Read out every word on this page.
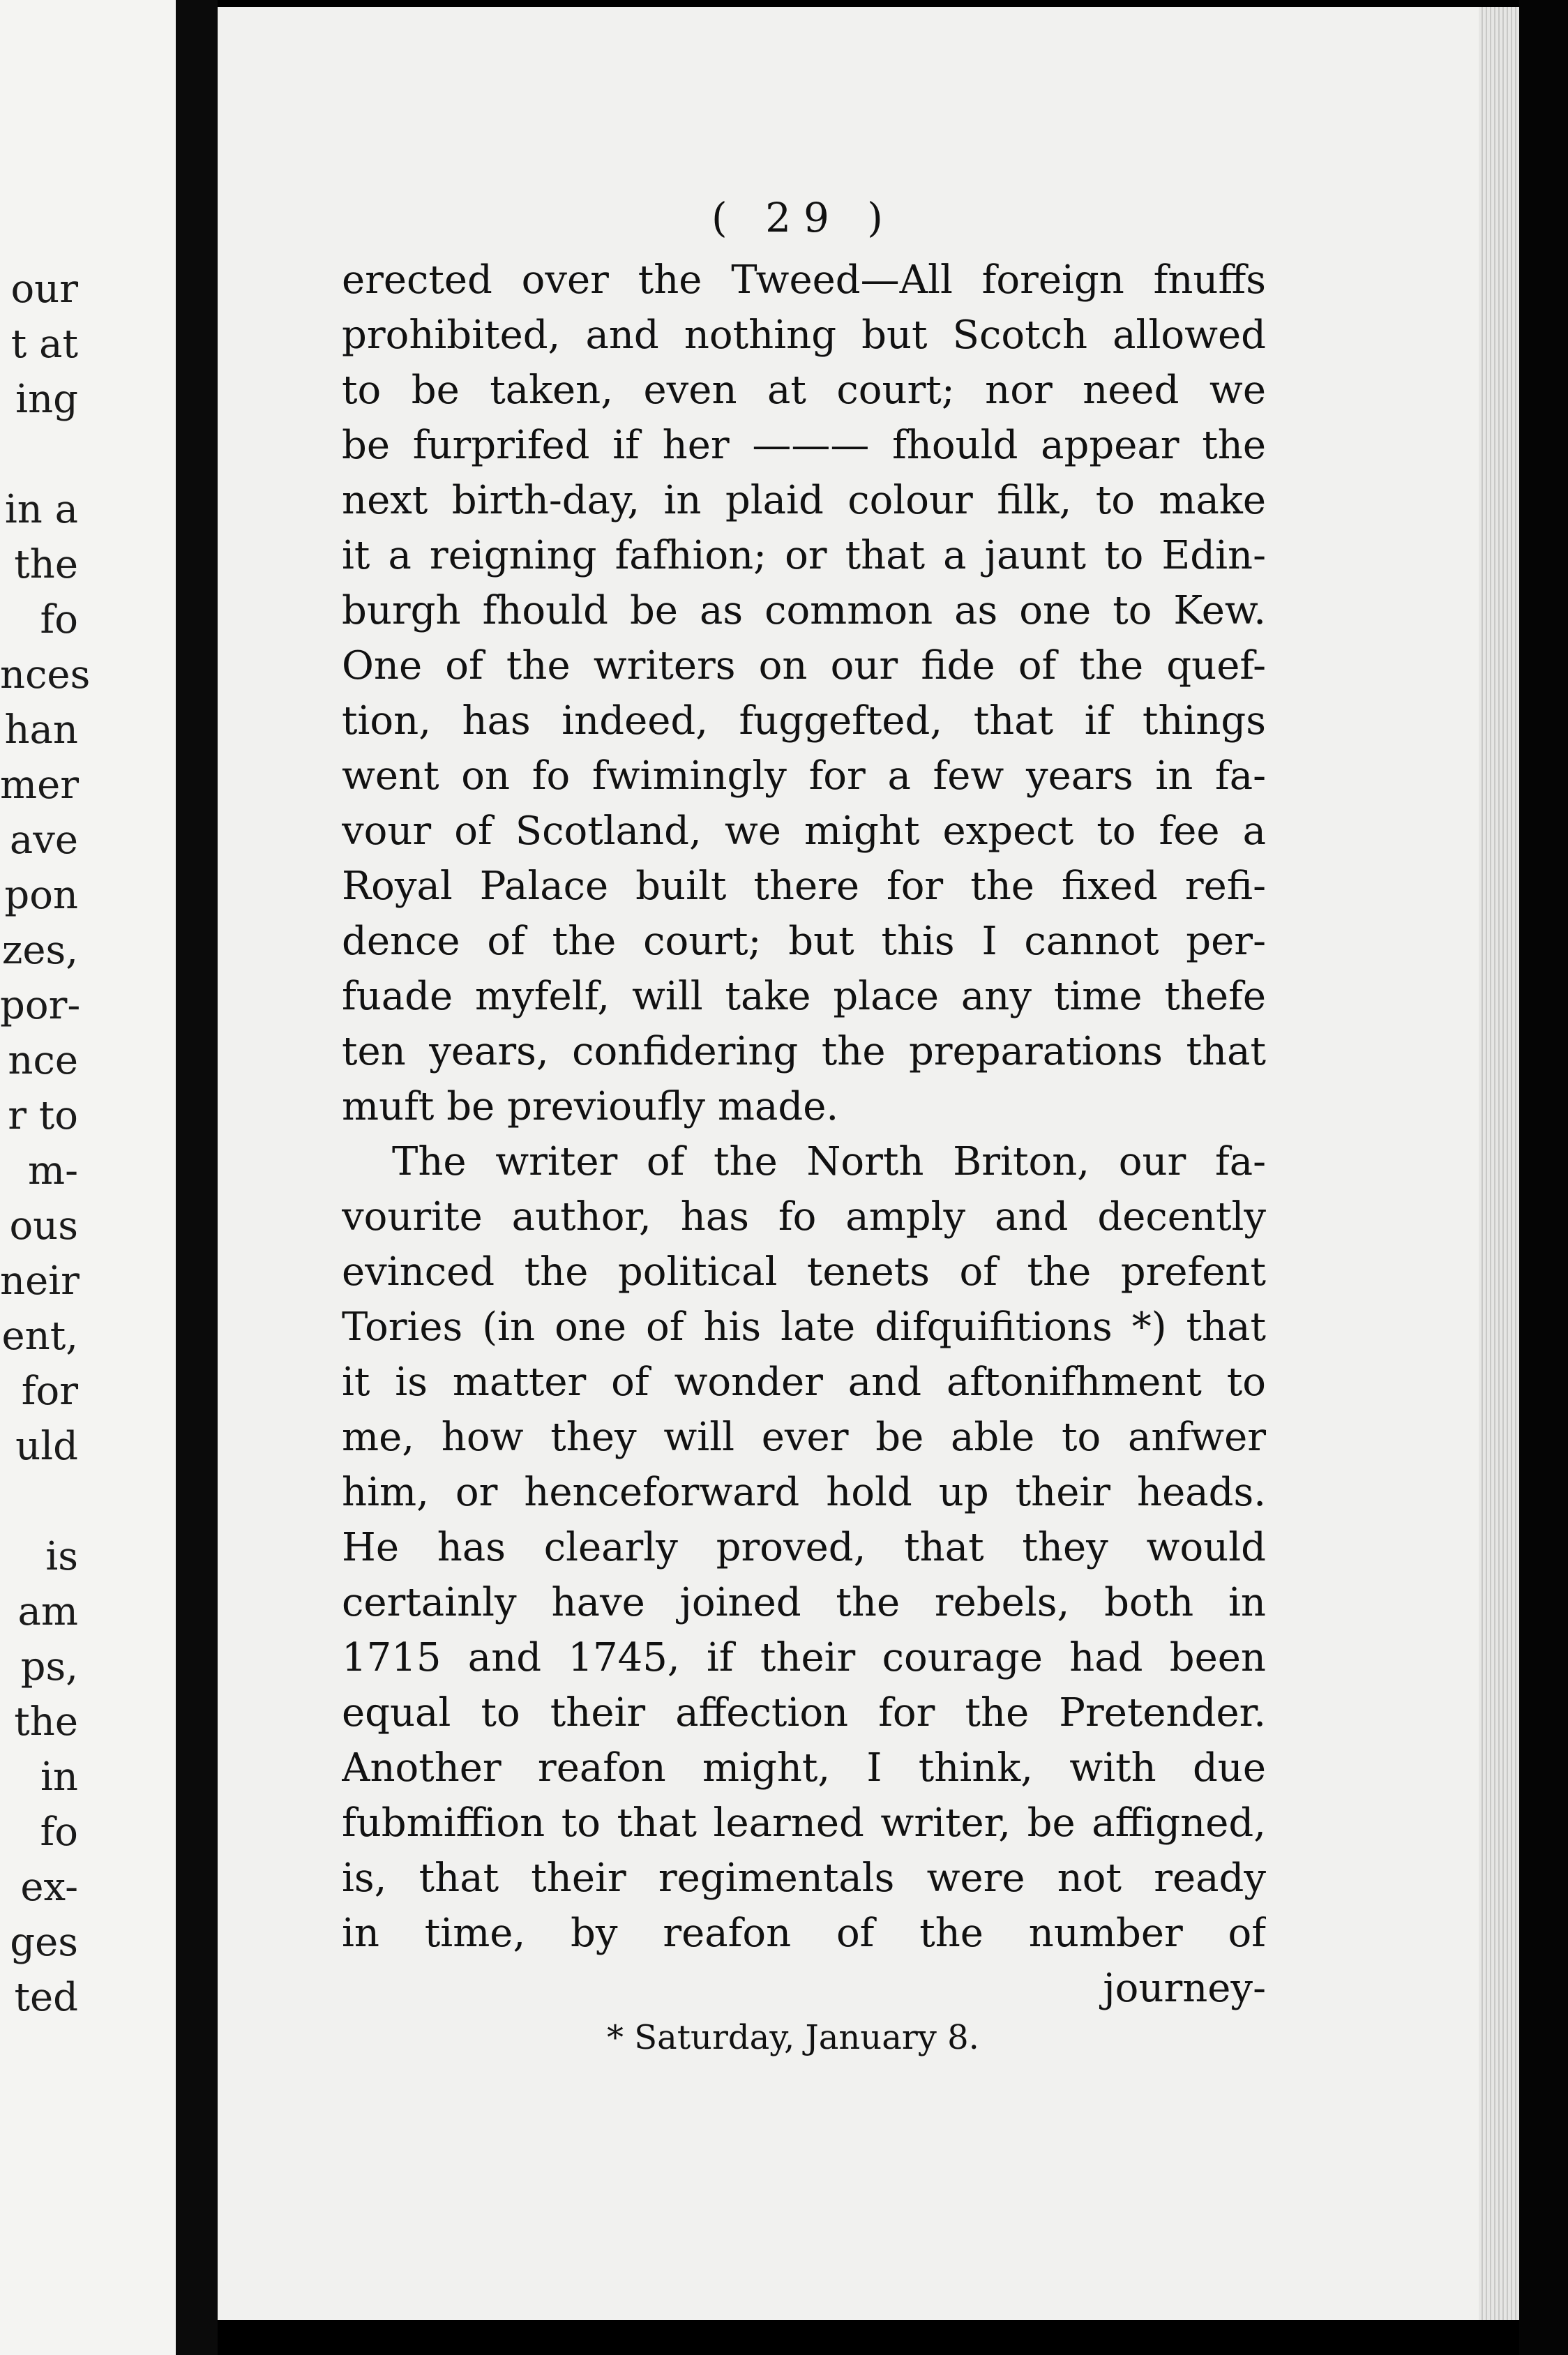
our
t at
ing
in a
the
fo
nces
han
mer
ave
pon
zes,
por-
nce
r to
m-
ous
neir
ent,
for
uld
is
am
ps,
the
in
fo
ex-
ges
ted
( 29 )
erected over the Tweed—All foreign fnuffs
prohibited, and nothing but Scotch allowed
to be taken, even at court; nor need we
be furprifed if her ——— fhould appear the
next birth-day, in plaid colour filk, to make
it a reigning fafhion; or that a jaunt to Edin-
burgh fhould be as common as one to Kew.
One of the writers on our fide of the quef-
tion, has indeed, fuggefted, that if things
went on fo fwimingly for a few years in fa-
vour of Scotland, we might expect to fee a
Royal Palace built there for the fixed refi-
dence of the court; but this I cannot per-
fuade myfelf, will take place any time thefe
ten years, confidering the preparations that
muft be previoufly made.
The writer of the North Briton, our fa-
vourite author, has fo amply and decently
evinced the political tenets of the prefent
Tories (in one of his late difquifitions *) that
it is matter of wonder and aftonifhment to
me, how they will ever be able to anfwer
him, or henceforward hold up their heads.
He has clearly proved, that they would
certainly have joined the rebels, both in
1715 and 1745, if their courage had been
equal to their affection for the Pretender.
Another reafon might, I think, with due
fubmiffion to that learned writer, be affigned,
is, that their regimentals were not ready
in time, by reafon of the number of
journey-
* Saturday, January 8.
